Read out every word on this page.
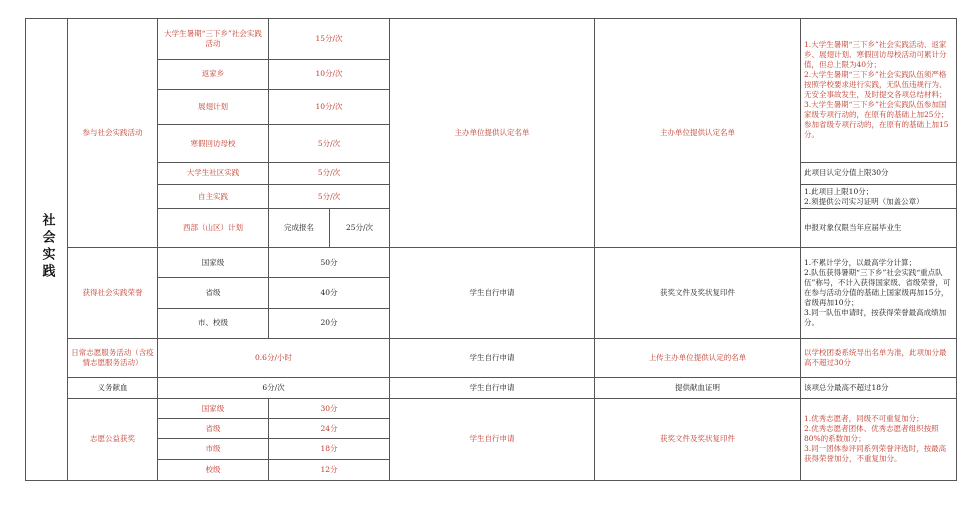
社会实践	参与社会实践活动	大学生暑期“三下乡”社会实践活动	15分/次		主办单位提供认定名单	主办单位提供认定名单	1.大学生暑期“三下乡”社会实践活动、返家乡、展翅计划、寒假回访母校活动可累计分值，但总上限为40分；
2.大学生暑期“三下乡”社会实践队伍须严格按照学校要求进行实践，无队伍违规行为、无安全事故发生，及时提交各项总结材料；
3.大学生暑期“三下乡”社会实践队伍参加国家级专项行动的，在原有的基础上加25分；参加省级专项行动的，在原有的基础上加15分。

		返家乡	10分/次				
		展翅计划	10分/次				
		寒假回访母校	5分/次				
		大学生社区实践	5分/次				此项目认定分值上限30分
		自主实践	5分/次				1.此项目上限10分；
2.须提供公司实习证明（加盖公章）

		西部（山区）计划	完成报名	25分/次			申报对象仅限当年应届毕业生
	获得社会实践荣誉	国家级	50分		学生自行申请	获奖文件及奖状复印件	1.不累计学分，以最高学分计算；
2.队伍获得暑期“三下乡”社会实践“重点队伍”称号，不计入获得国家级、省级荣誉，可在参与活动分值的基础上国家级再加15分，省级再加10分；
3.同一队伍申请时，按获得荣誉最高成绩加分。

		省级	40分				
		市、校级	20分				
	日常志愿服务活动（含疫情志愿服务活动）	0.6分/小时			学生自行申请	上传主办单位提供认定的名单	以学校团委系统导出名单为准，此项加分最高不超过30分
	义务献血	6分/次			学生自行申请	提供献血证明	该项总分最高不超过18分
	志愿公益获奖	国家级	30分		学生自行申请	获奖文件及奖状复印件	1.优秀志愿者，同级不可重复加分；
2.优秀志愿者团体、优秀志愿者组织按照80%的系数加分；
3.同一团体参评同系列荣誉评选时，按最高获得荣誉加分，不重复加分。

		省级	24分				
		市级	18分				
		校级	12分				
